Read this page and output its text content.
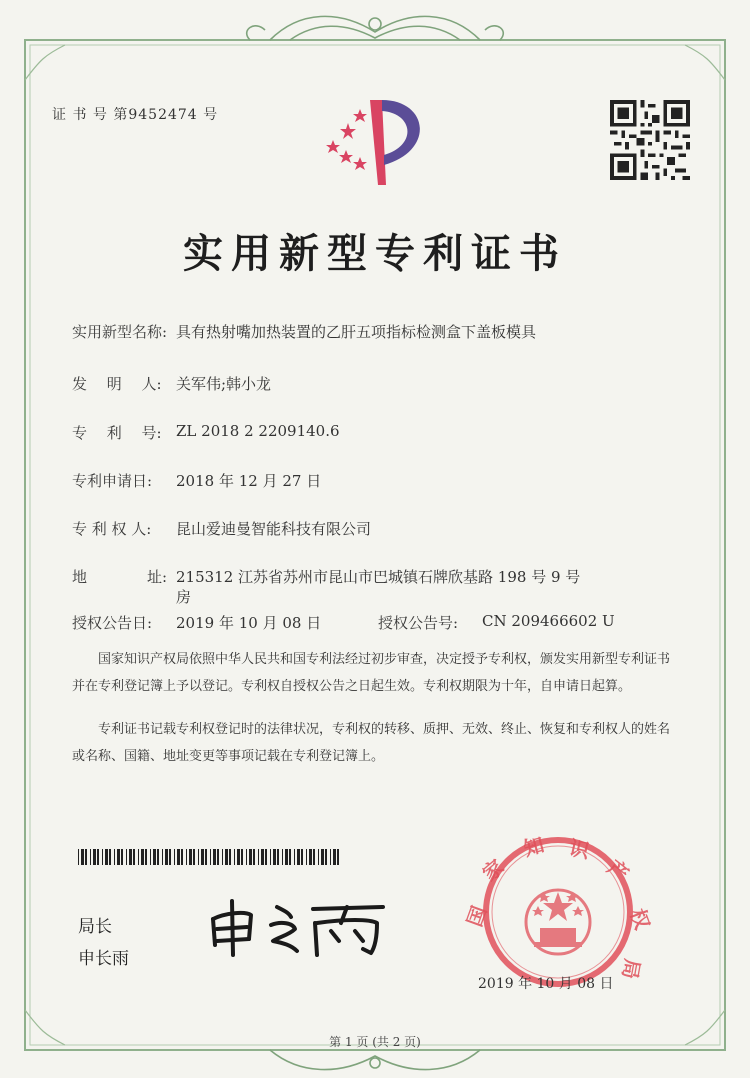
证 书 号 第9452474 号
实用新型专利证书
实用新型名称: 具有热射嘴加热装置的乙肝五项指标检测盒下盖板模具
发　 明　 人: 关军伟;韩小龙
专　 利　 号: ZL 2018 2 2209140.6
专利申请日: 2018 年 12 月 27 日
专 利 权 人: 昆山爱迪曼智能科技有限公司
地	址: 215312 江苏省苏州市昆山市巴城镇石牌欣基路 198 号 9 号
房
授权公告日: 2019 年 10 月 08 日	授权公告号: CN 209466602 U
　　国家知识产权局依照中华人民共和国专利法经过初步审查，决定授予专利权，颁发实用新型专利证书并在专利登记簿上予以登记。专利权自授权公告之日起生效。专利权期限为十年，自申请日起算。
　　专利证书记载专利权登记时的法律状况，专利权的转移、质押、无效、终止、恢复和专利权人的姓名或名称、国籍、地址变更等事项记载在专利登记簿上。
局长
申长雨
国
家
知 识
产
权
局
2019 年 10 月 08 日
第 1 页 (共 2 页)
